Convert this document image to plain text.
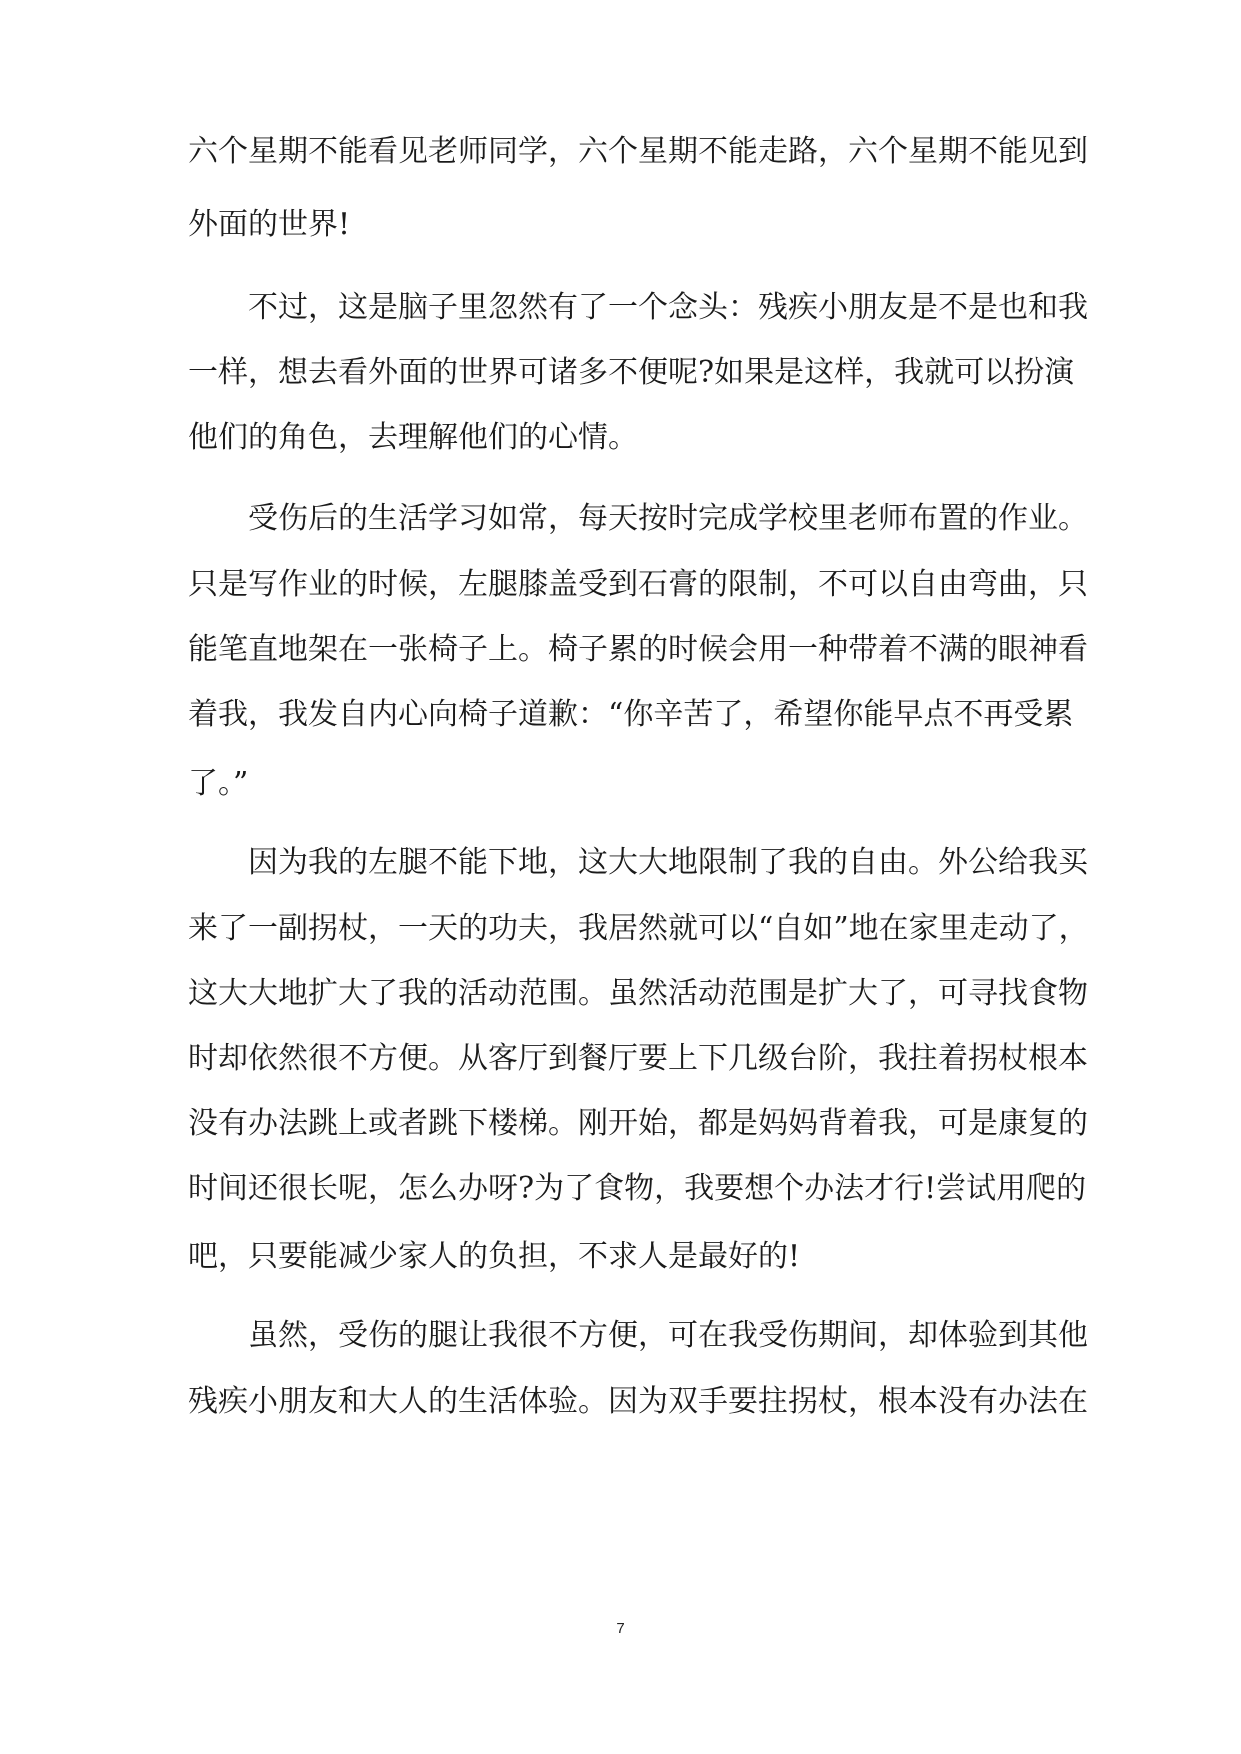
六个星期不能看见老师同学，六个星期不能走路，六个星期不能见到
外面的世界!
不过，这是脑子里忽然有了一个念头：残疾小朋友是不是也和我
一样，想去看外面的世界可诸多不便呢?如果是这样，我就可以扮演
他们的角色，去理解他们的心情。
受伤后的生活学习如常，每天按时完成学校里老师布置的作业。
只是写作业的时候，左腿膝盖受到石膏的限制，不可以自由弯曲，只
能笔直地架在一张椅子上。椅子累的时候会用一种带着不满的眼神看
着我，我发自内心向椅子道歉：“你辛苦了，希望你能早点不再受累
了。”
因为我的左腿不能下地，这大大地限制了我的自由。外公给我买
来了一副拐杖，一天的功夫，我居然就可以“自如”地在家里走动了，
这大大地扩大了我的活动范围。虽然活动范围是扩大了，可寻找食物
时却依然很不方便。从客厅到餐厅要上下几级台阶，我拄着拐杖根本
没有办法跳上或者跳下楼梯。刚开始，都是妈妈背着我，可是康复的
时间还很长呢，怎么办呀?为了食物，我要想个办法才行!尝试用爬的
吧，只要能减少家人的负担，不求人是最好的!
虽然，受伤的腿让我很不方便，可在我受伤期间，却体验到其他
残疾小朋友和大人的生活体验。因为双手要拄拐杖，根本没有办法在
7
